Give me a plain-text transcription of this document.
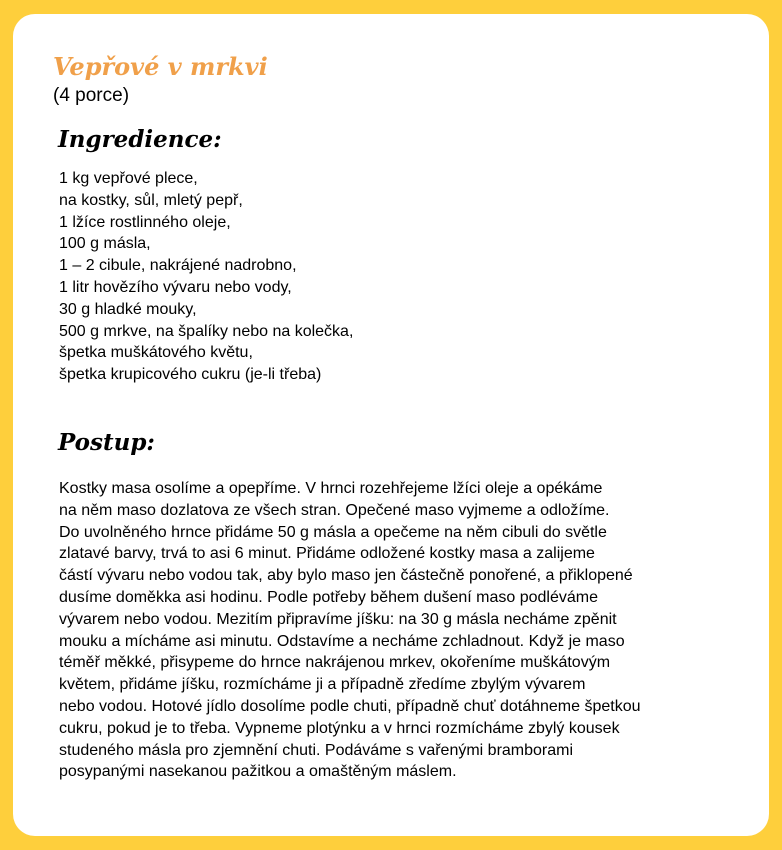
Vepřové v mrkvi
(4 porce)
Ingredience:
1 kg vepřové plece,
na kostky, sůl, mletý pepř,
1 lžíce rostlinného oleje,
100 g másla,
1 – 2 cibule, nakrájené nadrobno,
1 litr hovězího vývaru nebo vody,
30 g hladké mouky,
500 g mrkve, na špalíky nebo na kolečka,
špetka muškátového květu,
špetka krupicového cukru (je-li třeba)
Postup:
Kostky masa osolíme a opepříme. V hrnci rozehřejeme lžíci oleje a opékáme
na něm maso dozlatova ze všech stran. Opečené maso vyjmeme a odložíme.
Do uvolněného hrnce přidáme 50 g másla a opečeme na něm cibuli do světle
zlatavé barvy, trvá to asi 6 minut. Přidáme odložené kostky masa a zalijeme
částí vývaru nebo vodou tak, aby bylo maso jen částečně ponořené, a přiklopené
dusíme doměkka asi hodinu. Podle potřeby během dušení maso podléváme
vývarem nebo vodou. Mezitím připravíme jíšku: na 30 g másla necháme zpěnit
mouku a mícháme asi minutu. Odstavíme a necháme zchladnout. Když je maso
téměř měkké, přisypeme do hrnce nakrájenou mrkev, okořeníme muškátovým
květem, přidáme jíšku, rozmícháme ji a případně zředíme zbylým vývarem
nebo vodou. Hotové jídlo dosolíme podle chuti, případně chuť dotáhneme špetkou
cukru, pokud je to třeba. Vypneme plotýnku a v hrnci rozmícháme zbylý kousek
studeného másla pro zjemnění chuti. Podáváme s vařenými bramborami
posypanými nasekanou pažitkou a omaštěným máslem.
